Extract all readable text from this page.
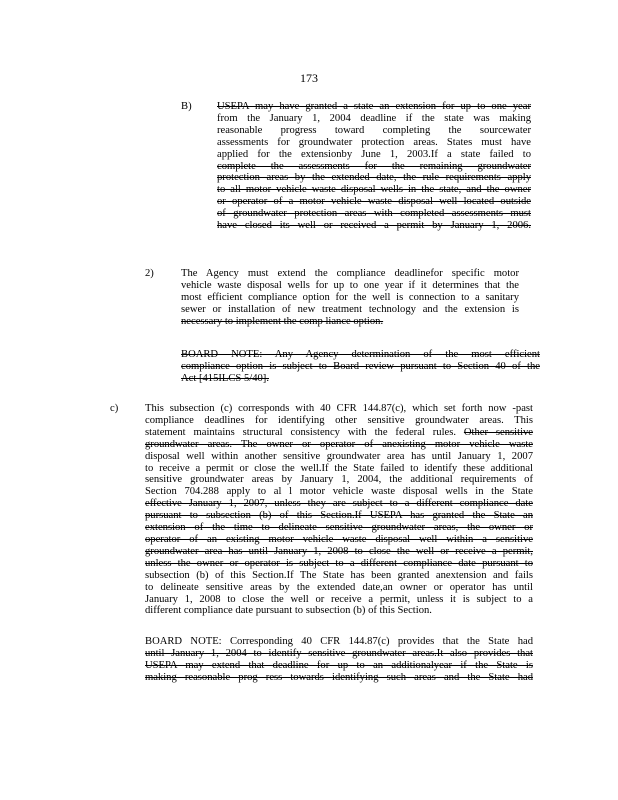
173
B) USEPA may have granted a state an extension for up to one year
from the January 1, 2004 deadline if the state was making
reasonable progress toward completing the sourcewater
assessments for groundwater protection areas. States must have
applied for the extensionby June 1, 2003.If a state failed to
complete the assessments for the remaining groundwater
protection areas by the extended date, the rule requirements apply
to all motor vehicle waste disposal wells in the state, and the owner
or operator of a motor vehicle waste disposal well located outside
of groundwater protection areas with completed assessments must
have closed its well or received a permit by January 1, 2006.
2)	The Agency must extend the compliance deadlinefor specific motor
vehicle waste disposal wells for up to one year if it determines that the
most efficient compliance option for the well is connection to a sanitary
sewer or installation of new treatment technology and the extension is
necessary to implement the comp liance option.
BOARD NOTE: Any Agency determination of the most efficient
compliance option is subject to Board review pursuant to Section 40 of the
Act [415ILCS 5/40].
c)	This subsection (c) corresponds with 40 CFR 144.87(c), which set forth now -past
compliance deadlines for identifying other sensitive groundwater areas. This
statement maintains structural consistency with the federal rules. Other sensitive
groundwater areas. The owner or operator of anexisting motor vehicle waste
disposal well within another sensitive groundwater area has until January 1, 2007
to receive a permit or close the well.If the State failed to identify these additional
sensitive groundwater areas by January 1, 2004, the additional requirements of
Section 704.288 apply to al l motor vehicle waste disposal wells in the State
effective January 1, 2007, unless they are subject to a different compliance date
pursuant to subsection (b) of this Section.If USEPA has granted the State an
extension of the time to delineate sensitive groundwater areas, the owner or
operator of an existing motor vehicle waste disposal well within a sensitive
groundwater area has until January 1, 2008 to close the well or receive a permit,
unless the owner or operator is subject to a different compliance date pursuant to
subsection (b) of this Section.If The State has been granted anextension and fails
to delineate sensitive areas by the extended date,an owner or operator has until
January 1, 2008 to close the well or receive a permit, unless it is subject to a
different compliance date pursuant to subsection (b) of this Section.
BOARD NOTE: Corresponding 40 CFR 144.87(c) provides that the State had
until January 1, 2004 to identify sensitive groundwater areas.It also provides that
USEPA may extend that deadline for up to an additionalyear if the State is
making reasonable prog ress towards identifying such areas and the State had
